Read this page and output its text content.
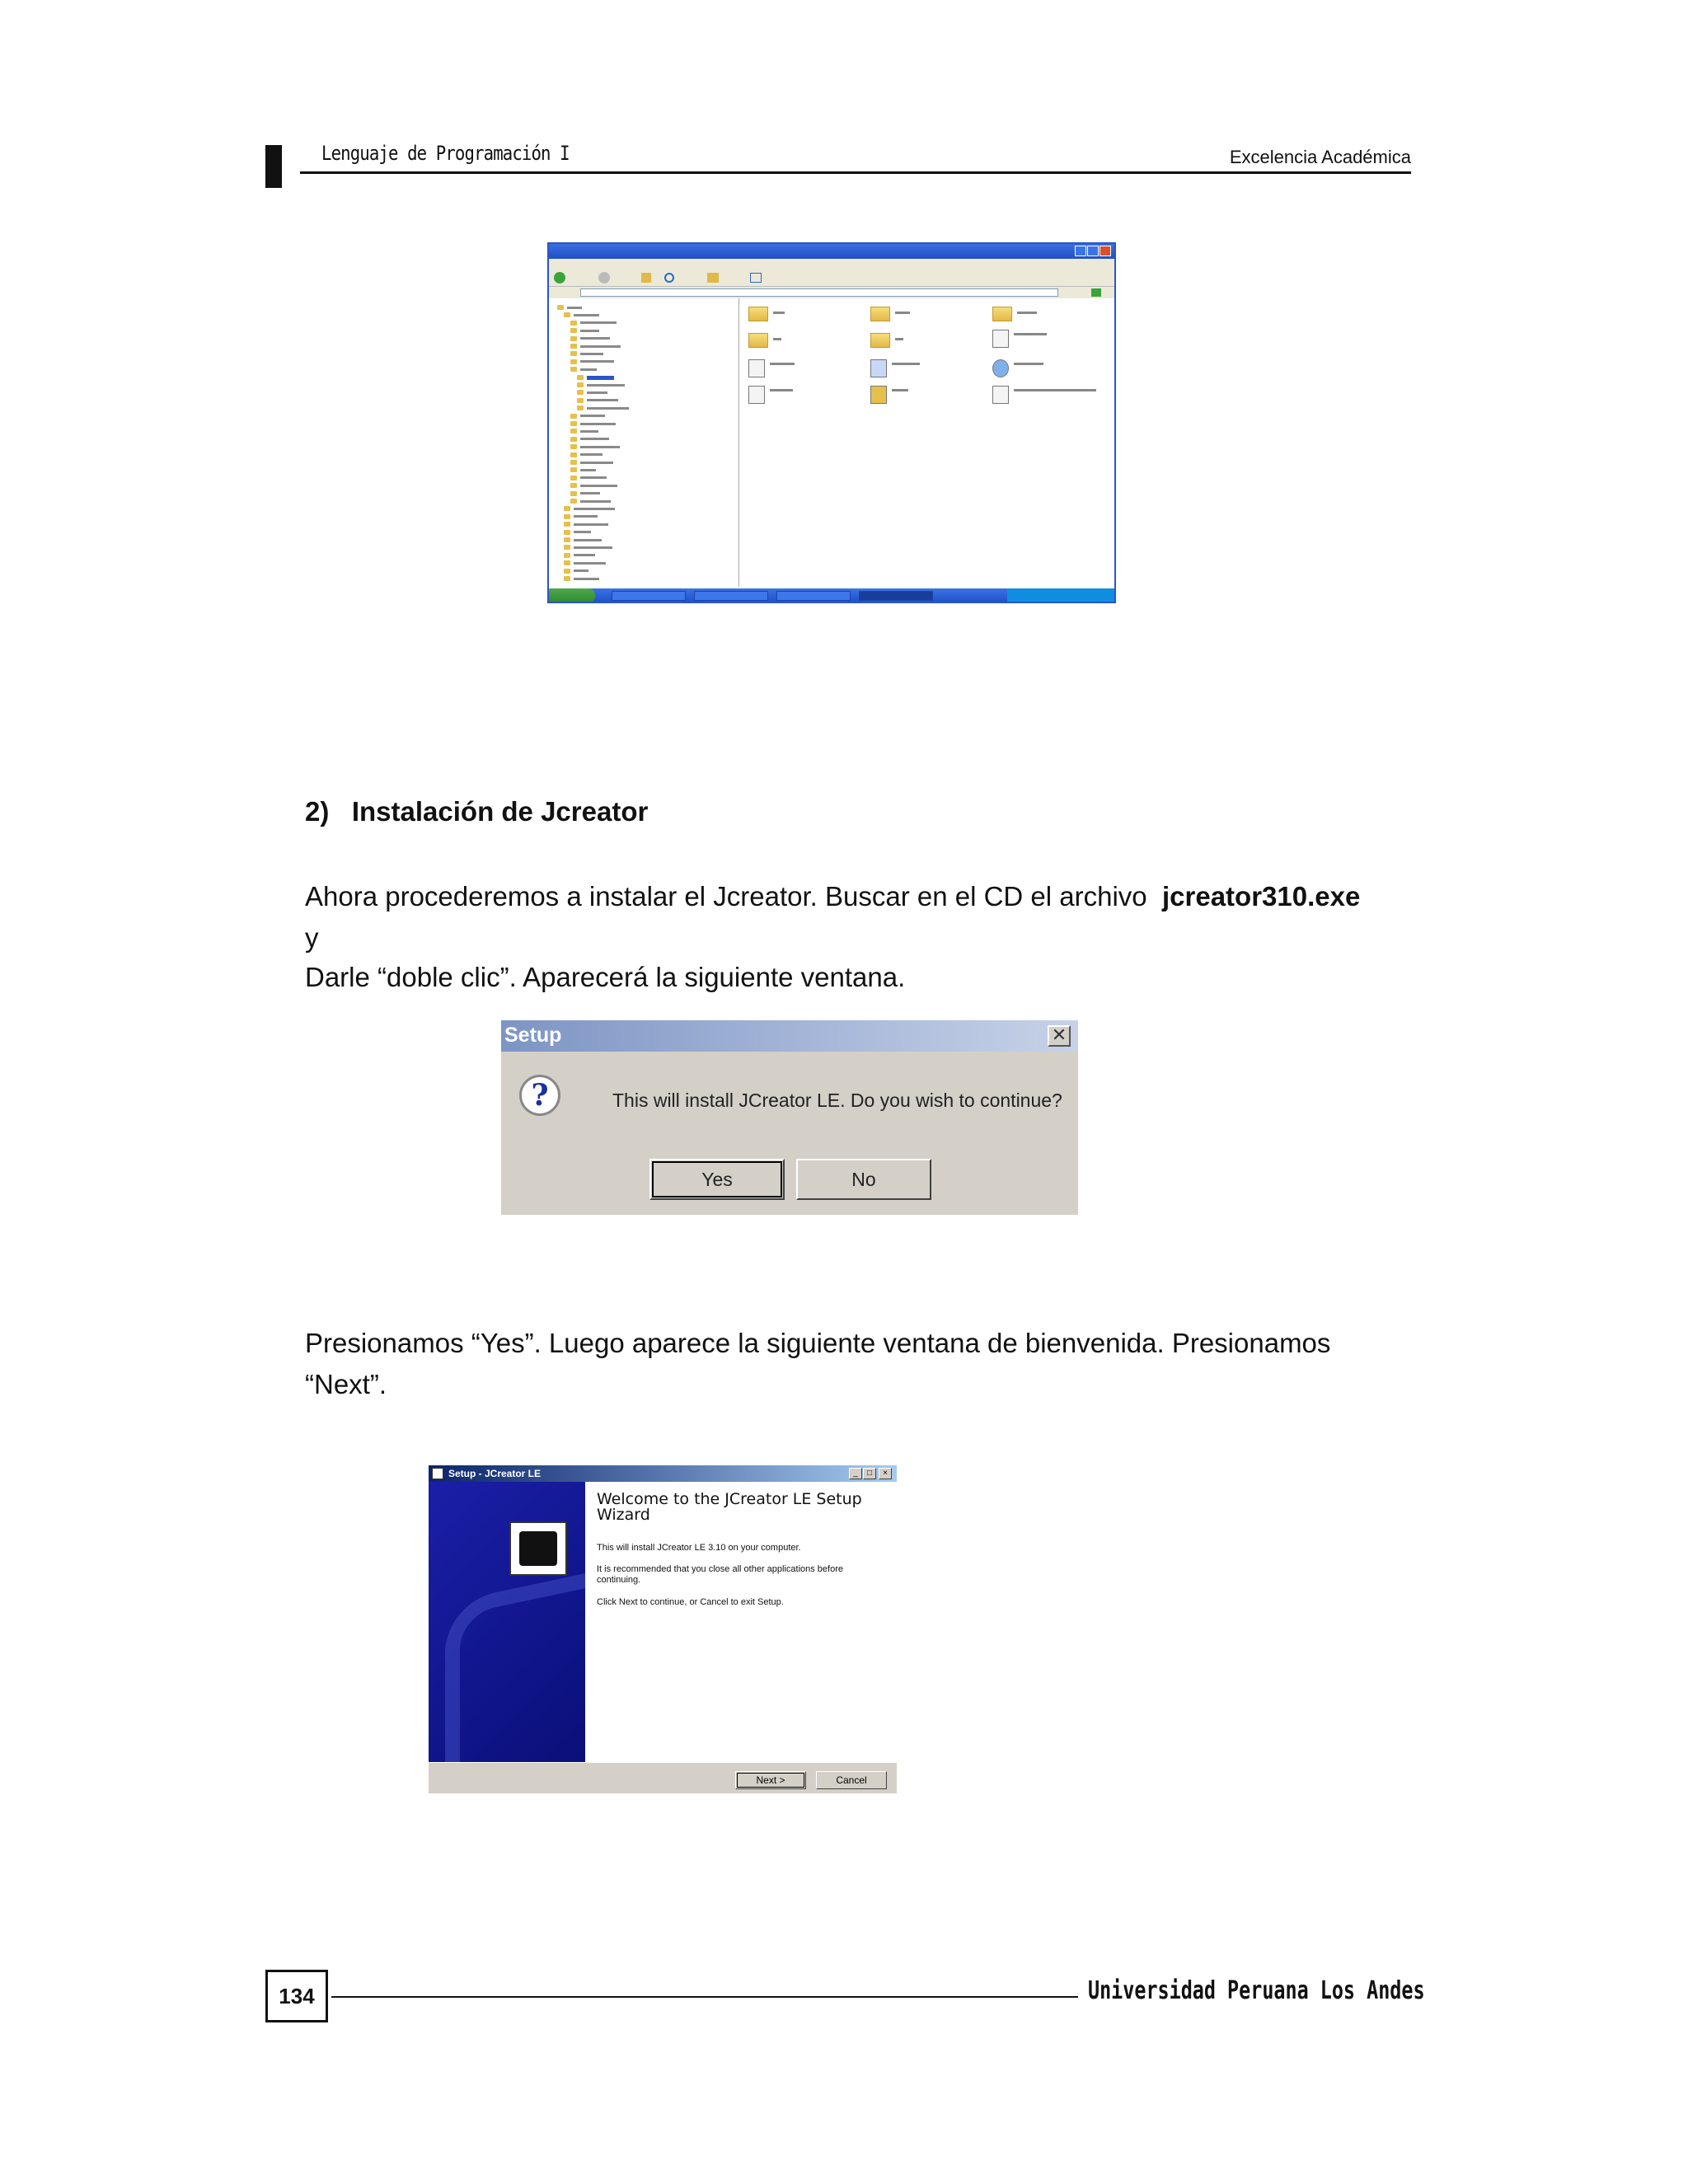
Lenguaje de Programación I	Excelencia Académica
2)   Instalación de Jcreator
Ahora procederemos a instalar el Jcreator. Buscar en el CD el archivo  jcreator310.exe
y
Darle “doble clic”. Aparecerá la siguiente ventana.
Setup	✕
?	This will install JCreator LE. Do you wish to continue?
Yes	No
Presionamos “Yes”. Luego aparece la siguiente ventana de bienvenida. Presionamos
“Next”.
Setup - JCreator LE	_	□	×
Welcome to the JCreator LE Setup Wizard
This will install JCreator LE 3.10 on your computer.
It is recommended that you close all other applications before continuing.
Click Next to continue, or Cancel to exit Setup.
Next >	Cancel
134	Universidad Peruana Los Andes
